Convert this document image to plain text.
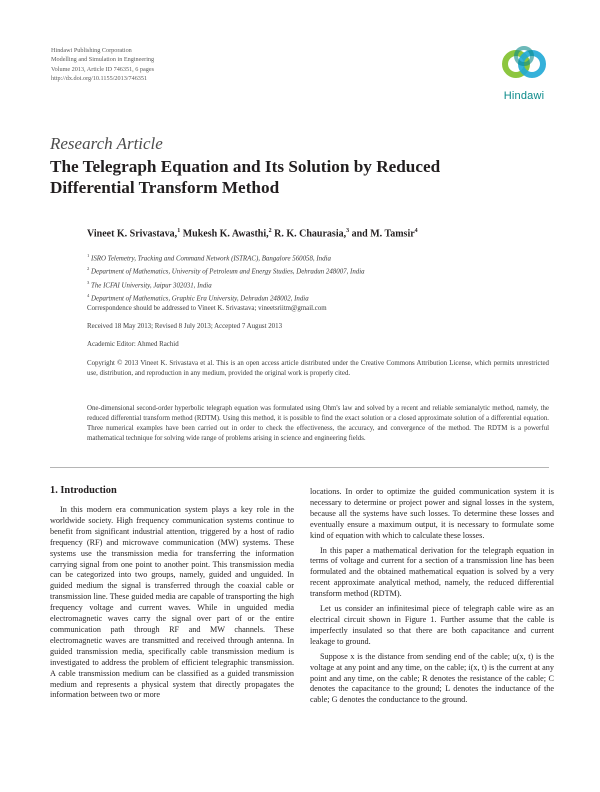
Hindawi Publishing Corporation
Modelling and Simulation in Engineering
Volume 2013, Article ID 746351, 6 pages
http://dx.doi.org/10.1155/2013/746351
Hindawi
Research Article
The Telegraph Equation and Its Solution by Reduced Differential Transform Method
Vineet K. Srivastava,$^1$ Mukesh K. Awasthi,$^2$ R. K. Chaurasia,$^3$ and M. Tamsir$^4$
$^1$ ISRO Telemetry, Tracking and Command Network (ISTRAC), Bangalore 560058, India
$^2$ Department of Mathematics, University of Petroleum and Energy Studies, Dehradun 248007, India
$^3$ The ICFAI University, Jaipur 302031, India
$^4$ Department of Mathematics, Graphic Era University, Dehradun 248002, India
Correspondence should be addressed to Vineet K. Srivastava; vineetsriitm@gmail.com
Received 18 May 2013; Revised 8 July 2013; Accepted 7 August 2013
Academic Editor: Ahmed Rachid
Copyright © 2013 Vineet K. Srivastava et al. This is an open access article distributed under the Creative Commons Attribution License, which permits unrestricted use, distribution, and reproduction in any medium, provided the original work is properly cited.
One-dimensional second-order hyperbolic telegraph equation was formulated using Ohm's law and solved by a recent and reliable semianalytic method, namely, the reduced differential transform method (RDTM). Using this method, it is possible to find the exact solution or a closed approximate solution of a differential equation. Three numerical examples have been carried out in order to check the effectiveness, the accuracy, and convergence of the method. The RDTM is a powerful mathematical technique for solving wide range of problems arising in science and engineering fields.
1. Introduction

In this modern era communication system plays a key role in the worldwide society. High frequency communication systems continue to benefit from significant industrial attention, triggered by a host of radio frequency (RF) and microwave communication (MW) systems. These systems use the transmission media for transferring the information carrying signal from one point to another point. This transmission media can be categorized into two groups, namely, guided and unguided. In guided medium the signal is transferred through the coaxial cable or transmission line. These guided media are capable of transporting the high frequency voltage and current waves. While in unguided media electromagnetic waves carry the signal over part of or the entire communication path through RF and MW channels. These electromagnetic waves are transmitted and received through antenna. In guided transmission media, specifically cable transmission medium is investigated to address the problem of efficient telegraphic transmission. A cable transmission medium can be classified as a guided transmission medium and represents a physical system that directly propagates the information between two or more

locations. In order to optimize the guided communication system it is necessary to determine or project power and signal losses in the system, because all the systems have such losses. To determine these losses and eventually ensure a maximum output, it is necessary to formulate some kind of equation with which to calculate these losses.

In this paper a mathematical derivation for the telegraph equation in terms of voltage and current for a section of a transmission line has been formulated and the obtained mathematical equation is solved by a very recent approximate analytical method, namely, the reduced differential transform method (RDTM).

Let us consider an infinitesimal piece of telegraph cable wire as an electrical circuit shown in Figure 1. Further assume that the cable is imperfectly insulated so that there are both capacitance and current leakage to ground.

Suppose x is the distance from sending end of the cable; u(x, t) is the voltage at any point and any time, on the cable; i(x, t) is the current at any point and any time, on the cable; R denotes the resistance of the cable; C denotes the capacitance to the ground; L denotes the inductance of the cable; G denotes the conductance to the ground.
